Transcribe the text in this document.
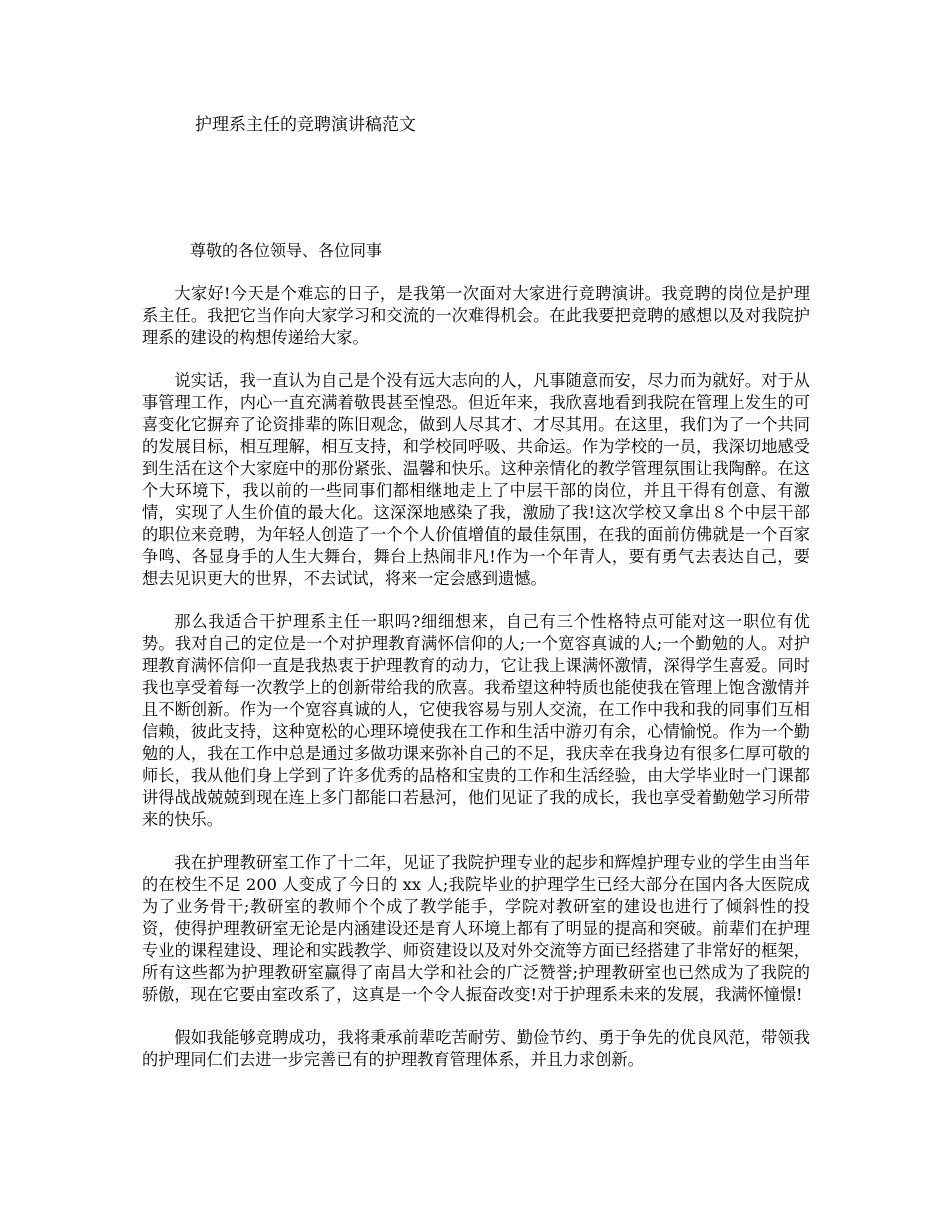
护理系主任的竞聘演讲稿范文
尊敬的各位领导、各位同事

大家好!今天是个难忘的日子，是我第一次面对大家进行竞聘演讲。我竞聘的岗位是护理系主任。我把它当作向大家学习和交流的一次难得机会。在此我要把竞聘的感想以及对我院护理系的建设的构想传递给大家。

说实话，我一直认为自己是个没有远大志向的人，凡事随意而安，尽力而为就好。对于从事管理工作，内心一直充满着敬畏甚至惶恐。但近年来，我欣喜地看到我院在管理上发生的可喜变化它摒弃了论资排辈的陈旧观念，做到人尽其才、才尽其用。在这里，我们为了一个共同的发展目标，相互理解，相互支持，和学校同呼吸、共命运。作为学校的一员，我深切地感受到生活在这个大家庭中的那份紧张、温馨和快乐。这种亲情化的教学管理氛围让我陶醉。在这个大环境下，我以前的一些同事们都相继地走上了中层干部的岗位，并且干得有创意、有激情，实现了人生价值的最大化。这深深地感染了我，激励了我!这次学校又拿出８个中层干部的职位来竞聘，为年轻人创造了一个个人价值增值的最佳氛围，在我的面前仿佛就是一个百家争鸣、各显身手的人生大舞台，舞台上热闹非凡!作为一个年青人，要有勇气去表达自己，要想去见识更大的世界，不去试试，将来一定会感到遗憾。

那么我适合干护理系主任一职吗?细细想来，自己有三个性格特点可能对这一职位有优势。我对自己的定位是一个对护理教育满怀信仰的人;一个宽容真诚的人;一个勤勉的人。对护理教育满怀信仰一直是我热衷于护理教育的动力，它让我上课满怀激情，深得学生喜爱。同时我也享受着每一次教学上的创新带给我的欣喜。我希望这种特质也能使我在管理上饱含激情并且不断创新。作为一个宽容真诚的人，它使我容易与别人交流，在工作中我和我的同事们互相信赖，彼此支持，这种宽松的心理环境使我在工作和生活中游刃有余，心情愉悦。作为一个勤勉的人，我在工作中总是通过多做功课来弥补自己的不足，我庆幸在我身边有很多仁厚可敬的师长，我从他们身上学到了许多优秀的品格和宝贵的工作和生活经验，由大学毕业时一门课都讲得战战兢兢到现在连上多门都能口若悬河，他们见证了我的成长，我也享受着勤勉学习所带来的快乐。

我在护理教研室工作了十二年，见证了我院护理专业的起步和辉煌护理专业的学生由当年的在校生不足 200 人变成了今日的 xx 人;我院毕业的护理学生已经大部分在国内各大医院成为了业务骨干;教研室的教师个个成了教学能手，学院对教研室的建设也进行了倾斜性的投资，使得护理教研室无论是内涵建设还是育人环境上都有了明显的提高和突破。前辈们在护理专业的课程建设、理论和实践教学、师资建设以及对外交流等方面已经搭建了非常好的框架，所有这些都为护理教研室赢得了南昌大学和社会的广泛赞誉;护理教研室也已然成为了我院的骄傲，现在它要由室改系了，这真是一个令人振奋改变!对于护理系未来的发展，我满怀憧憬!

假如我能够竞聘成功，我将秉承前辈吃苦耐劳、勤俭节约、勇于争先的优良风范，带领我的护理同仁们去进一步完善已有的护理教育管理体系，并且力求创新。
